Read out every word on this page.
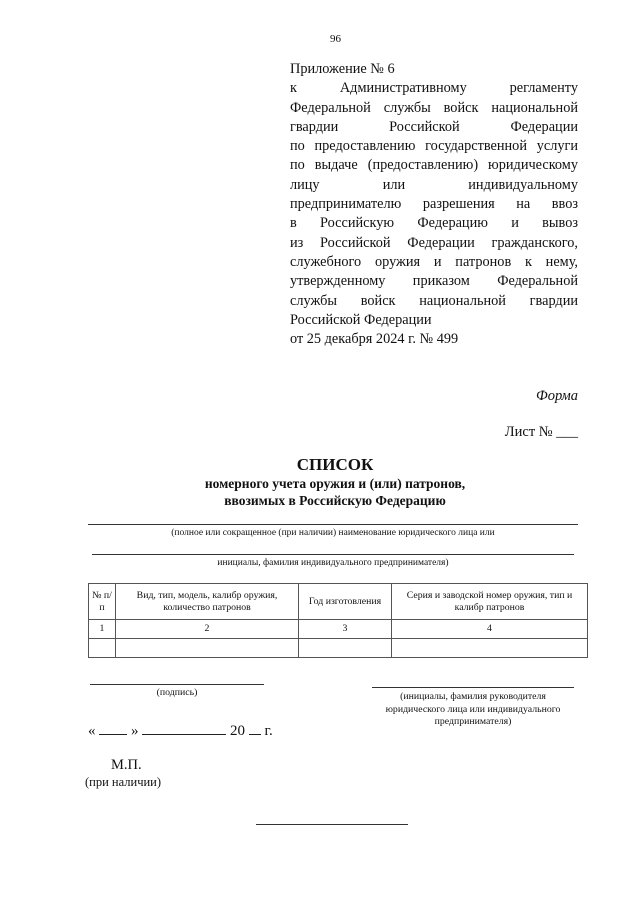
96
Приложение № 6
к Административному регламенту
Федеральной службы войск национальной
гвардии Российской Федерации
по предоставлению государственной услуги
по выдаче (предоставлению) юридическому
лицу или индивидуальному
предпринимателю разрешения на ввоз
в Российскую Федерацию и вывоз
из Российской Федерации гражданского,
служебного оружия и патронов к нему,
утвержденному приказом Федеральной
службы войск национальной гвардии
Российской Федерации
от 25 декабря 2024 г. № 499
Форма
Лист № ___
СПИСОК
номерного учета оружия и (или) патронов,
ввозимых в Российскую Федерацию
(полное или сокращенное (при наличии) наименование юридического лица или
инициалы, фамилия индивидуального предпринимателя)
№ п/п	Вид, тип, модель, калибр оружия, количество патронов	Год изготовления	Серия и заводской номер оружия, тип и калибр патронов
1	2	3	4

(подпись)	(инициалы, фамилия руководителя
юридического лица или индивидуального
предпринимателя)
« »	20 г.
М.П.
(при наличии)
